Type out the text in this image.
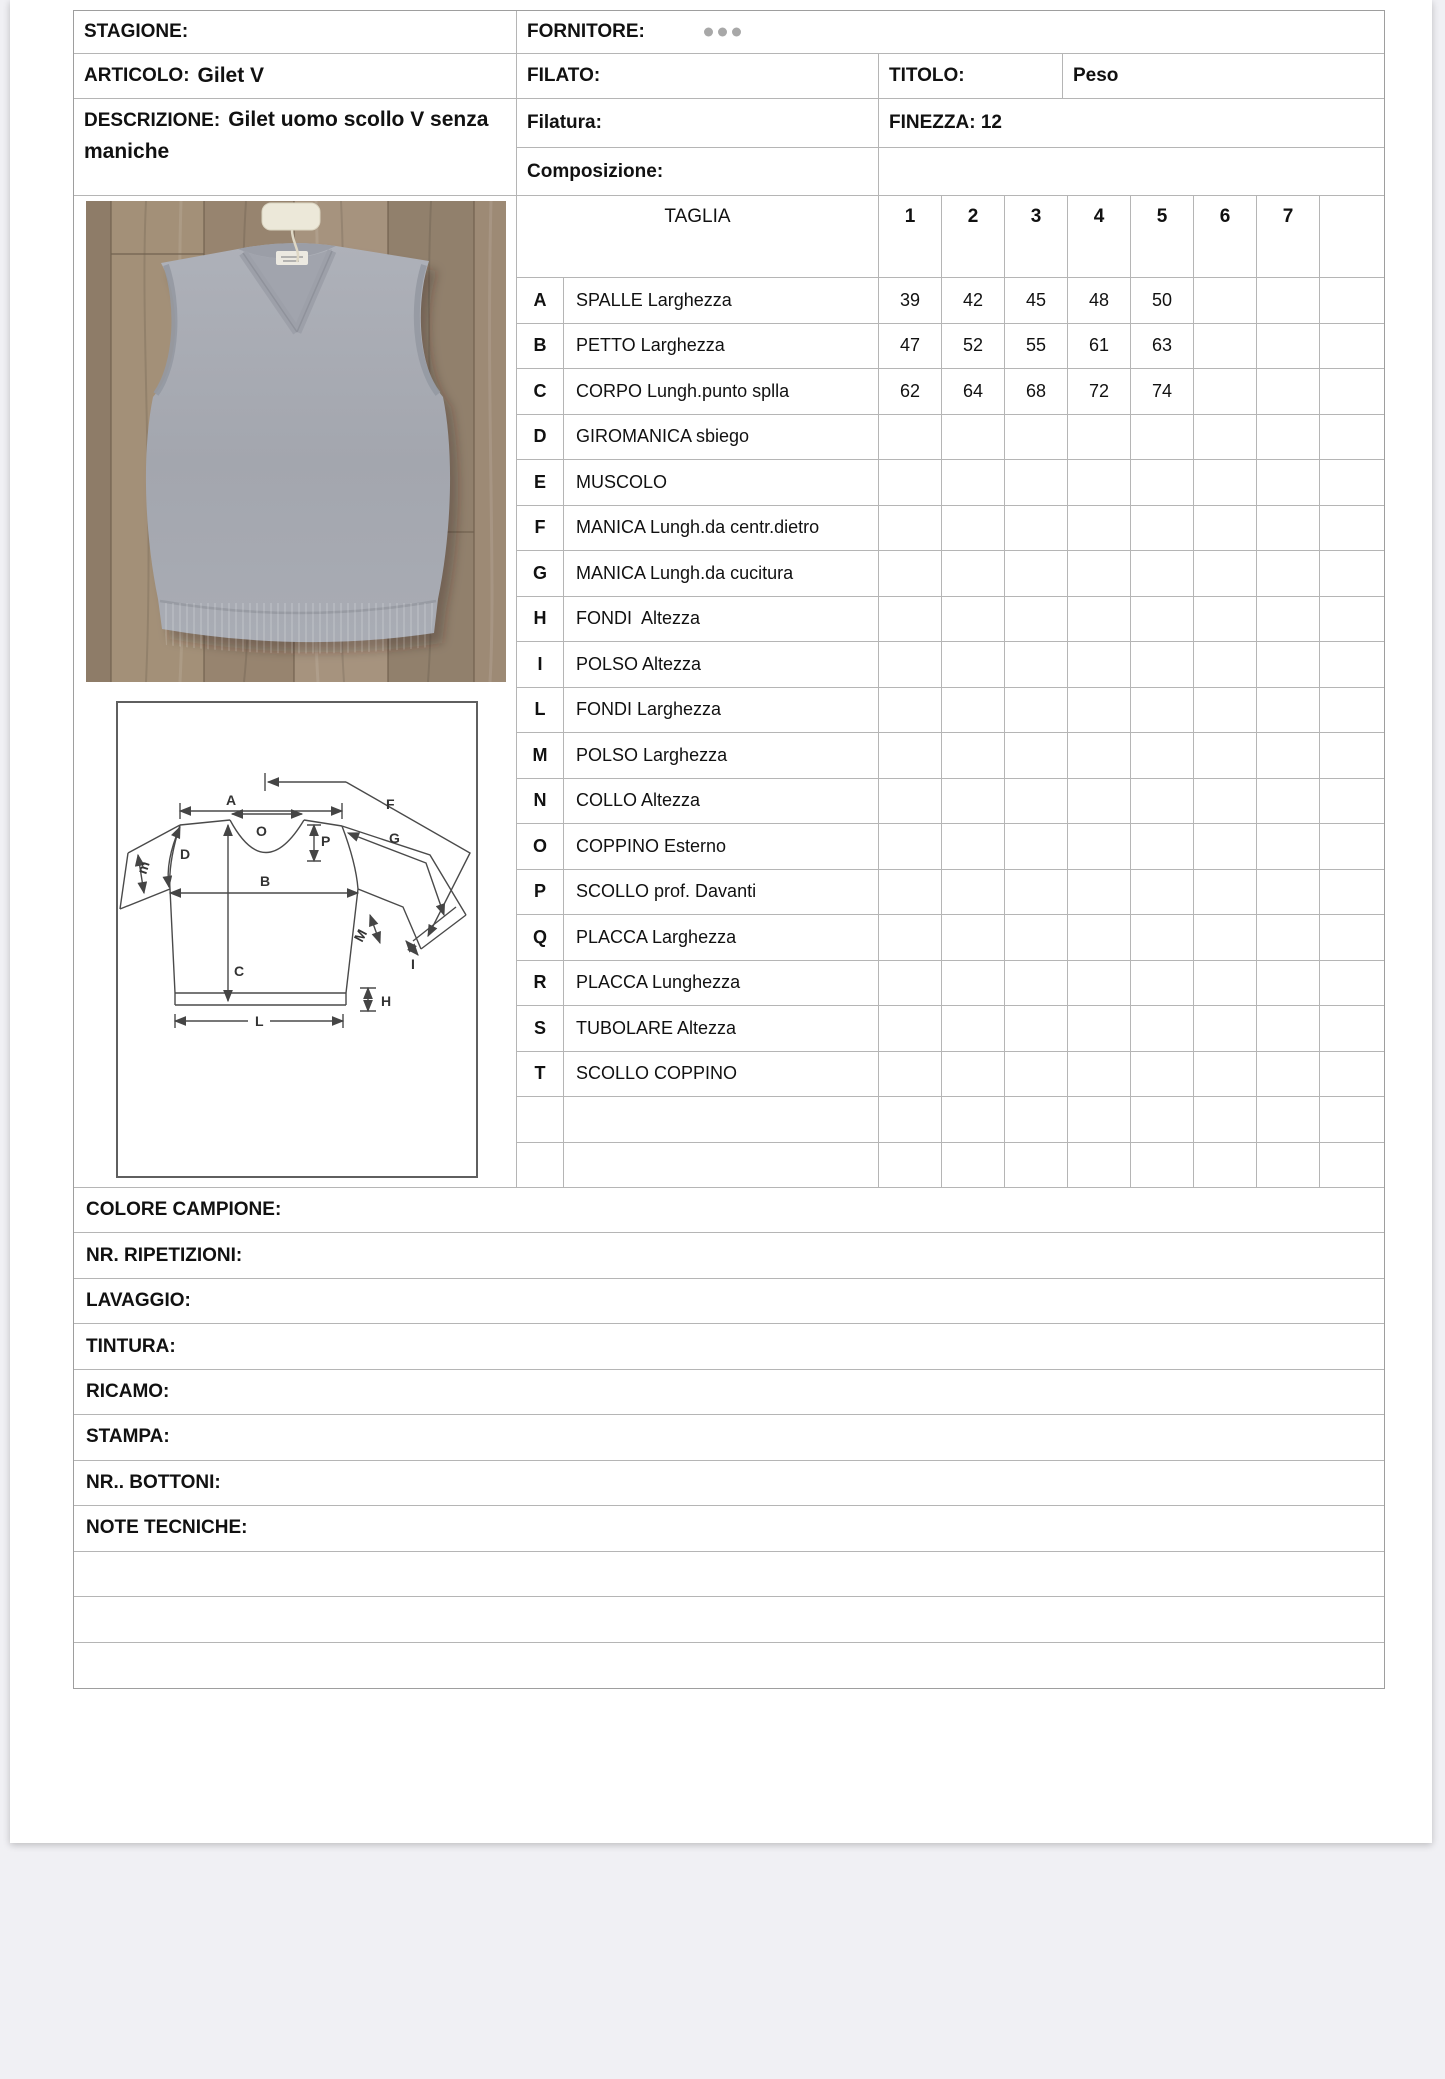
STAGIONE:	FORNITORE:
ARTICOLO: Gilet V	FILATO:	TITOLO:	Peso
DESCRIZIONE: Gilet uomo scollo V senza maniche
Filatura:	FINEZZA: 12
Composizione:
A
O
P
D
m
B
F
G
C
L
H
M
I
TAGLIA	1	2	3	4	5	6	7
A	SPALLE Larghezza	39	42	45	48	50
B	PETTO Larghezza	47	52	55	61	63
C	CORPO Lungh.punto splla	62	64	68	72	74
D	GIROMANICA sbiego
E	MUSCOLO
F	MANICA Lungh.da centr.dietro
G	MANICA Lungh.da cucitura
H	FONDI  Altezza
I	POLSO Altezza
L	FONDI Larghezza
M	POLSO Larghezza
N	COLLO Altezza
O	COPPINO Esterno
P	SCOLLO prof. Davanti
Q	PLACCA Larghezza
R	PLACCA Lunghezza
S	TUBOLARE Altezza
T	SCOLLO COPPINO
COLORE CAMPIONE:
NR. RIPETIZIONI:
LAVAGGIO:
TINTURA:
RICAMO:
STAMPA:
NR.. BOTTONI:
NOTE TECNICHE:
